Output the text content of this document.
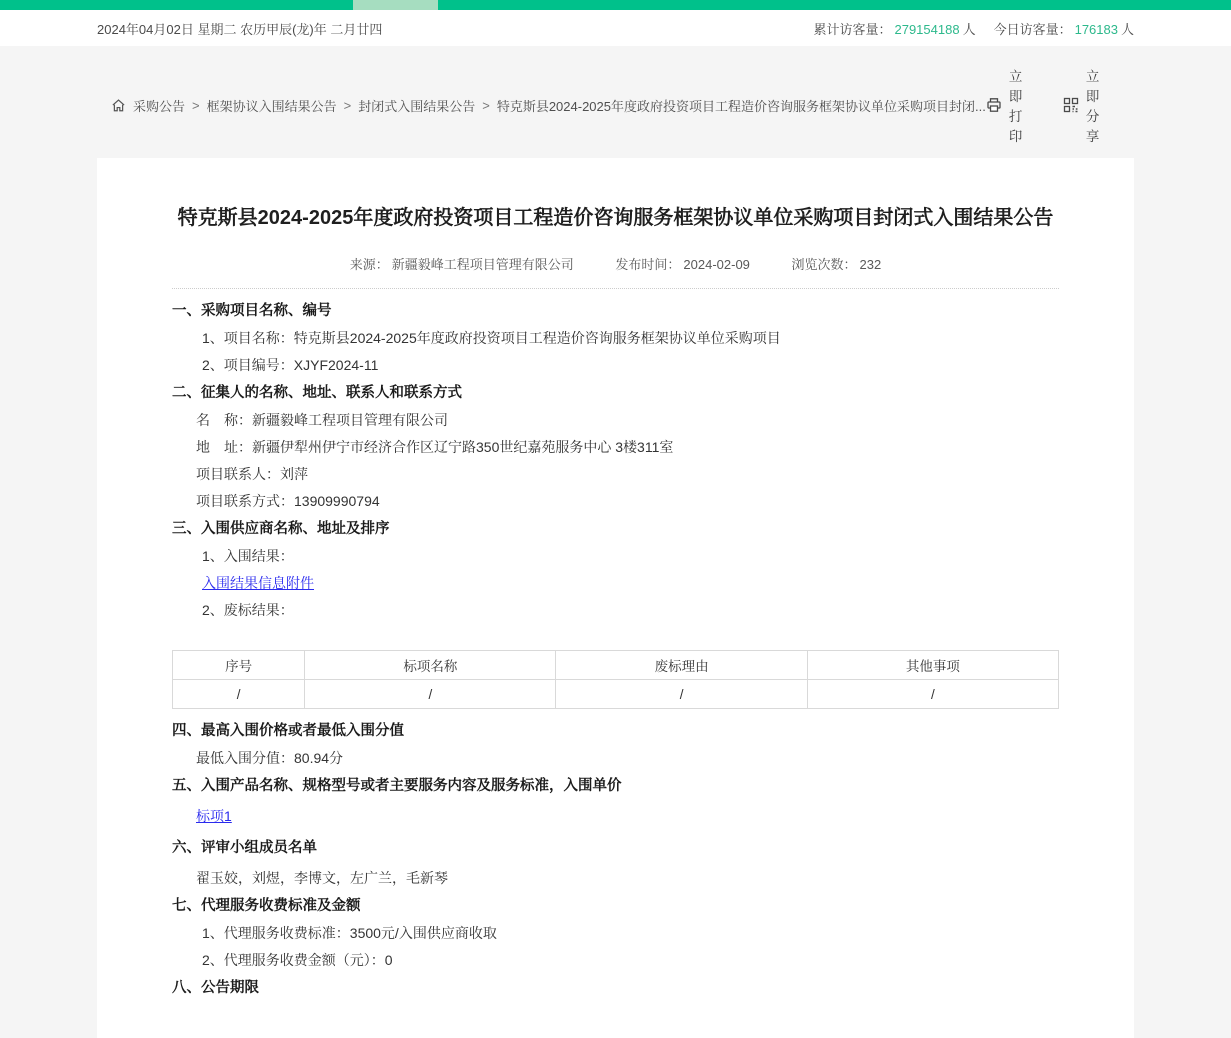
2024年04月02日 星期二 农历甲辰(龙)年 二月廿四	累计访客量： 279154188 人 今日访客量： 176183 人
采购公告 > 框架协议入围结果公告 > 封闭式入围结果公告 > 特克斯县2024-2025年度政府投资项目工程造价咨询服务框架协议单位采购项目封闭...
立即打印
立即分享
特克斯县2024-2025年度政府投资项目工程造价咨询服务框架协议单位采购项目封闭式入围结果公告
来源： 新疆毅峰工程项目管理有限公司	发布时间： 2024-02-09	浏览次数： 232
一、采购项目名称、编号
1、项目名称：特克斯县2024-2025年度政府投资项目工程造价咨询服务框架协议单位采购项目
2、项目编号：XJYF2024-11
二、征集人的名称、地址、联系人和联系方式
名　称：新疆毅峰工程项目管理有限公司
地　址：新疆伊犁州伊宁市经济合作区辽宁路350世纪嘉苑服务中心 3楼311室
项目联系人：刘萍
项目联系方式：13909990794
三、入围供应商名称、地址及排序
1、入围结果：
入围结果信息附件
2、废标结果：
序号	标项名称	废标理由	其他事项
/	/	/	/
四、最高入围价格或者最低入围分值
最低入围分值：80.94分
五、入围产品名称、规格型号或者主要服务内容及服务标准，入围单价
标项1
六、评审小组成员名单
翟玉姣，刘煜，李博文，左广兰，毛新琴
七、代理服务收费标准及金额
1、代理服务收费标准：3500元/入围供应商收取
2、代理服务收费金额（元）：0
八、公告期限
